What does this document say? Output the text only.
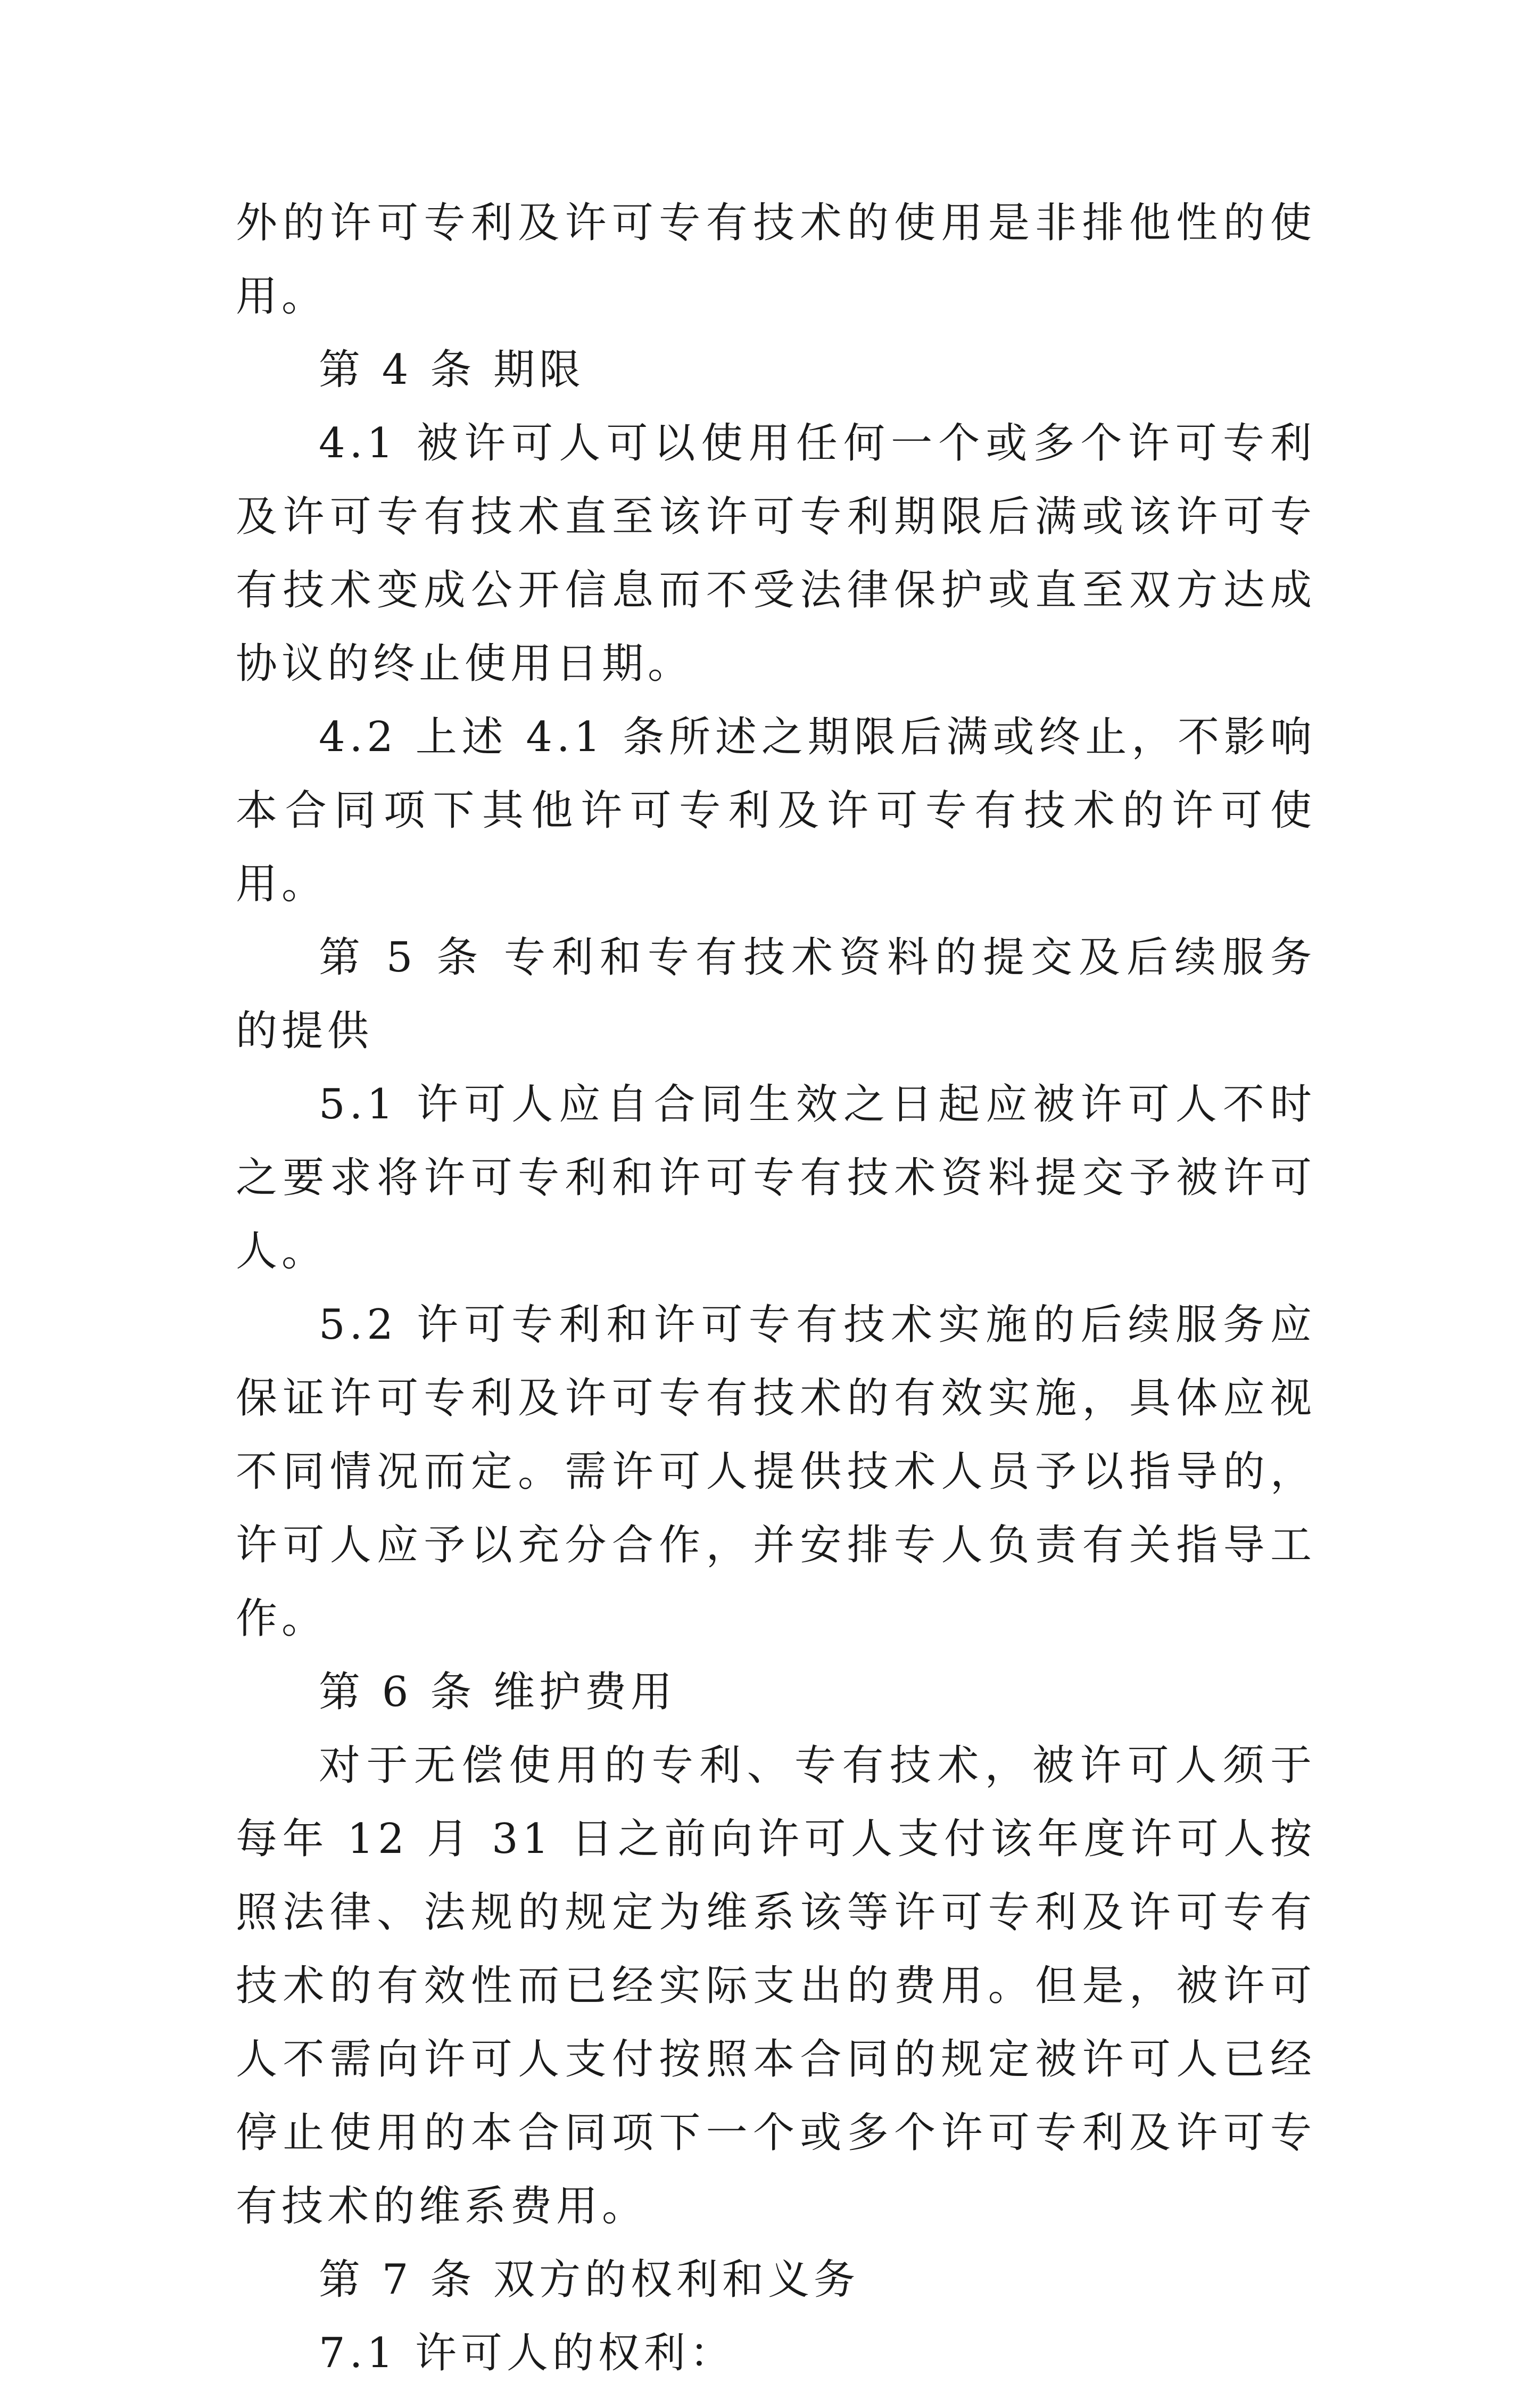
外的许可专利及许可专有技术的使用是非排他性的使用。

第 4 条 期限

4.1 被许可人可以使用任何一个或多个许可专利及许可专有技术直至该许可专利期限后满或该许可专有技术变成公开信息而不受法律保护或直至双方达成协议的终止使用日期。

4.2 上述 4.1 条所述之期限后满或终止，不影响本合同项下其他许可专利及许可专有技术的许可使用。

第 5 条 专利和专有技术资料的提交及后续服务的提供

5.1 许可人应自合同生效之日起应被许可人不时之要求将许可专利和许可专有技术资料提交予被许可人。

5.2 许可专利和许可专有技术实施的后续服务应保证许可专利及许可专有技术的有效实施，具体应视不同情况而定。需许可人提供技术人员予以指导的，许可人应予以充分合作，并安排专人负责有关指导工作。

第 6 条 维护费用

对于无偿使用的专利、专有技术，被许可人须于每年 12 月 31 日之前向许可人支付该年度许可人按照法律、法规的规定为维系该等许可专利及许可专有技术的有效性而已经实际支出的费用。但是，被许可人不需向许可人支付按照本合同的规定被许可人已经停止使用的本合同项下一个或多个许可专利及许可专有技术的维系费用。

第 7 条 双方的权利和义务

7.1 许可人的权利：
